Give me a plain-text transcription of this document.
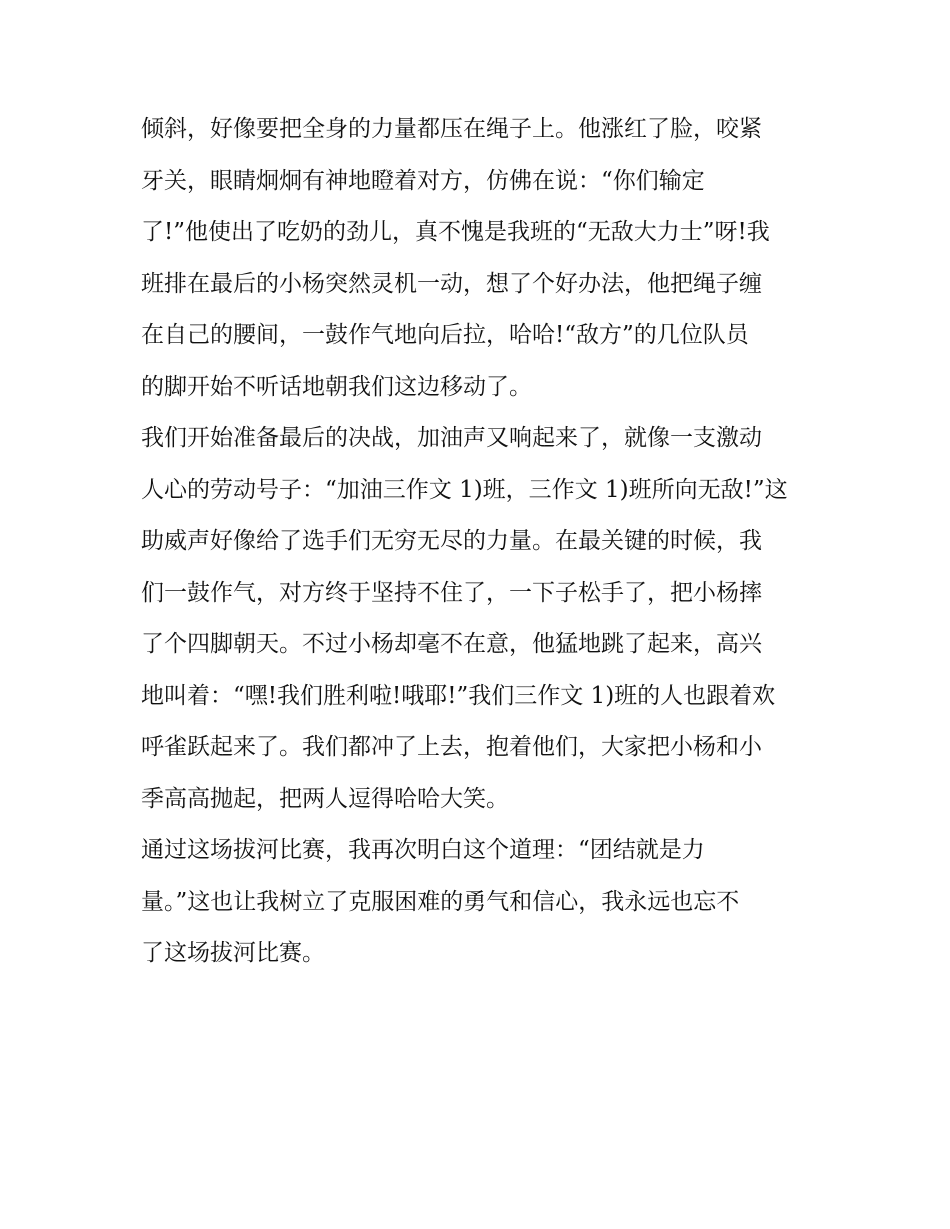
倾斜，好像要把全身的力量都压在绳子上。他涨红了脸，咬紧
牙关，眼睛炯炯有神地瞪着对方，仿佛在说：“你们输定
了!”他使出了吃奶的劲儿，真不愧是我班的“无敌大力士”呀!我
班排在最后的小杨突然灵机一动，想了个好办法，他把绳子缠
在自己的腰间，一鼓作气地向后拉，哈哈!“敌方”的几位队员
的脚开始不听话地朝我们这边移动了。
我们开始准备最后的决战，加油声又响起来了，就像一支激动
人心的劳动号子：“加油三作文 1)班，三作文 1)班所向无敌!”这
助威声好像给了选手们无穷无尽的力量。在最关键的时候，我
们一鼓作气，对方终于坚持不住了，一下子松手了，把小杨摔
了个四脚朝天。不过小杨却毫不在意，他猛地跳了起来，高兴
地叫着：“嘿!我们胜利啦!哦耶!”我们三作文 1)班的人也跟着欢
呼雀跃起来了。我们都冲了上去，抱着他们，大家把小杨和小
季高高抛起，把两人逗得哈哈大笑。
通过这场拔河比赛，我再次明白这个道理：“团结就是力
量。”这也让我树立了克服困难的勇气和信心，我永远也忘不
了这场拔河比赛。
